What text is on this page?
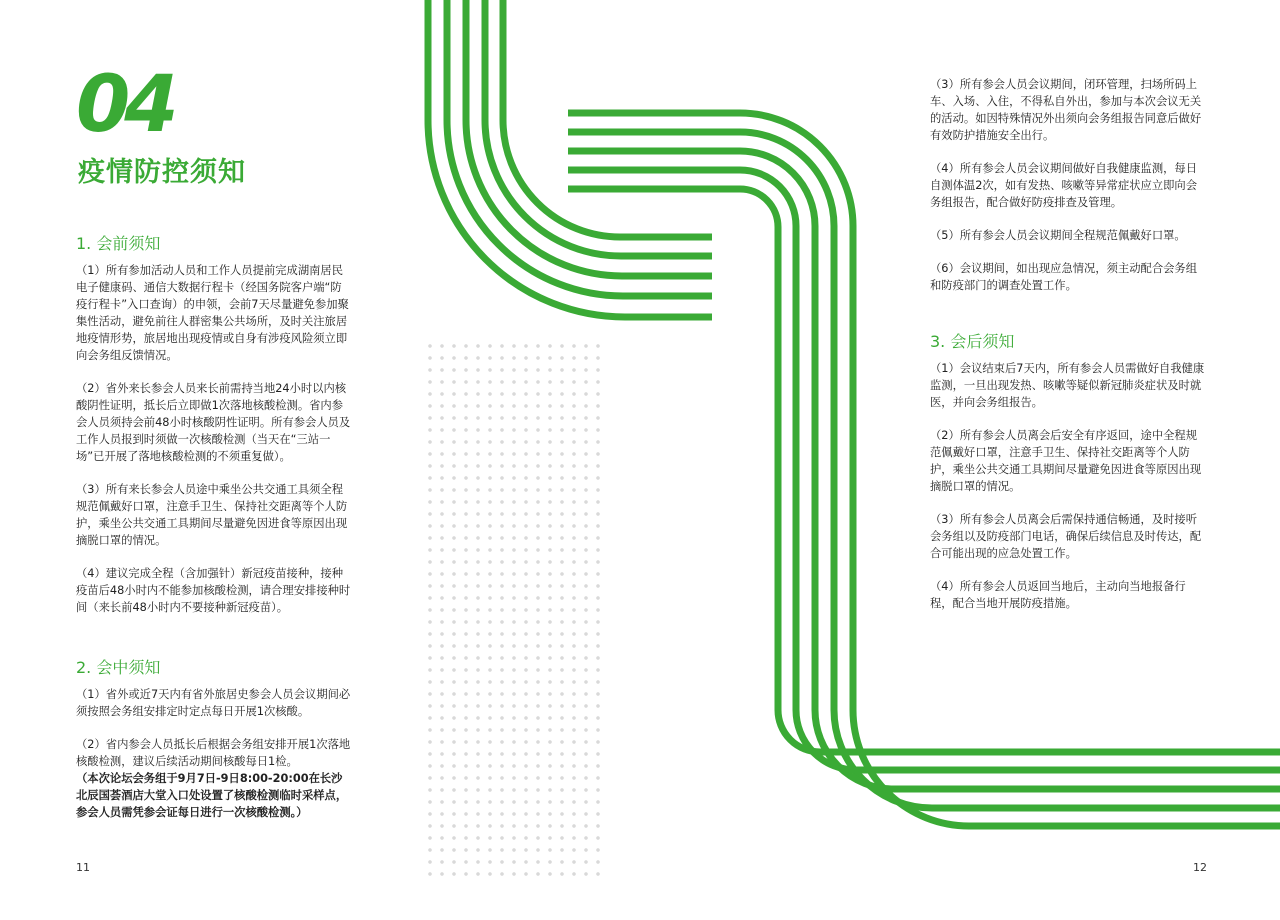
04
疫情防控须知
1. 会前须知

（1）所有参加活动人员和工作人员提前完成湖南居民电子健康码、通信大数据行程卡（经国务院客户端“防疫行程卡”入口查询）的申领，会前7天尽量避免参加聚集性活动，避免前往人群密集公共场所，及时关注旅居地疫情形势，旅居地出现疫情或自身有涉疫风险须立即向会务组反馈情况。

（2）省外来长参会人员来长前需持当地24小时以内核酸阴性证明，抵长后立即做1次落地核酸检测。省内参会人员须持会前48小时核酸阴性证明。所有参会人员及工作人员报到时须做一次核酸检测（当天在“三站一场”已开展了落地核酸检测的不须重复做）。

（3）所有来长参会人员途中乘坐公共交通工具须全程规范佩戴好口罩，注意手卫生、保持社交距离等个人防护，乘坐公共交通工具期间尽量避免因进食等原因出现摘脱口罩的情况。

（4）建议完成全程（含加强针）新冠疫苗接种，接种疫苗后48小时内不能参加核酸检测，请合理安排接种时间（来长前48小时内不要接种新冠疫苗）。

2. 会中须知

（1）省外或近7天内有省外旅居史参会人员会议期间必须按照会务组安排定时定点每日开展1次核酸。

（2）省内参会人员抵长后根据会务组安排开展1次落地核酸检测，建议后续活动期间核酸每日1检。

（本次论坛会务组于9月7日-9日8:00-20:00在长沙北辰国荟酒店大堂入口处设置了核酸检测临时采样点，参会人员需凭参会证每日进行一次核酸检测。）

（3）所有参会人员会议期间，闭环管理，扫场所码上车、入场、入住，不得私自外出，参加与本次会议无关的活动。如因特殊情况外出须向会务组报告同意后做好有效防护措施安全出行。

（4）所有参会人员会议期间做好自我健康监测，每日自测体温2次，如有发热、咳嗽等异常症状应立即向会务组报告，配合做好防疫排查及管理。

（5）所有参会人员会议期间全程规范佩戴好口罩。

（6）会议期间，如出现应急情况，须主动配合会务组和防疫部门的调查处置工作。

3. 会后须知

（1）会议结束后7天内，所有参会人员需做好自我健康监测，一旦出现发热、咳嗽等疑似新冠肺炎症状及时就医，并向会务组报告。

（2）所有参会人员离会后安全有序返回，途中全程规范佩戴好口罩，注意手卫生、保持社交距离等个人防护，乘坐公共交通工具期间尽量避免因进食等原因出现摘脱口罩的情况。

（3）所有参会人员离会后需保持通信畅通，及时接听会务组以及防疫部门电话，确保后续信息及时传达，配合可能出现的应急处置工作。

（4）所有参会人员返回当地后，主动向当地报备行程，配合当地开展防疫措施。

11	12
